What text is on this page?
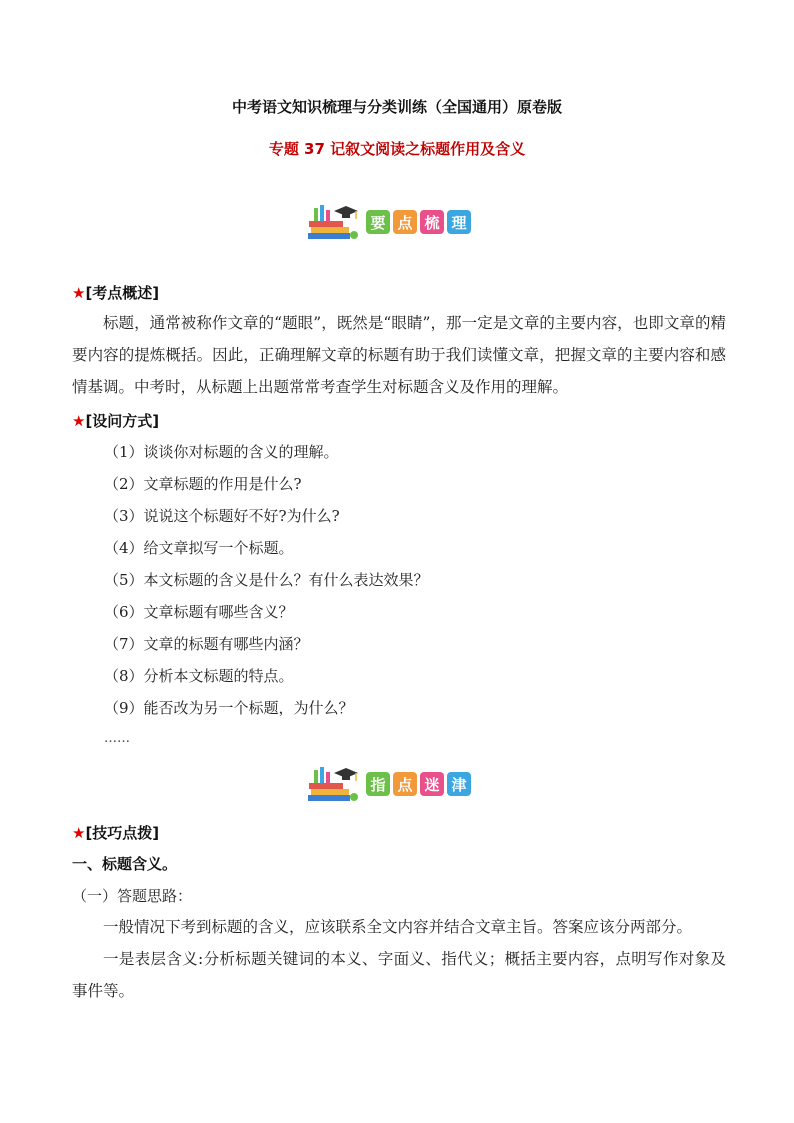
中考语文知识梳理与分类训练（全国通用）原卷版
专题 37 记叙文阅读之标题作用及含义
要 点 梳 理
★[考点概述]
标题，通常被称作文章的“题眼”，既然是“眼睛”，那一定是文章的主要内容，也即文章的精要内容的提炼概括。因此，正确理解文章的标题有助于我们读懂文章，把握文章的主要内容和感情基调。中考时，从标题上出题常常考查学生对标题含义及作用的理解。
★[设问方式]
（1）谈谈你对标题的含义的理解。
（2）文章标题的作用是什么?
（3）说说这个标题好不好?为什么?
（4）给文章拟写一个标题。
（5）本文标题的含义是什么？有什么表达效果？
（6）文章标题有哪些含义？
（7）文章的标题有哪些内涵？
（8）分析本文标题的特点。
（9）能否改为另一个标题，为什么？
……
指 点 迷 津
★[技巧点拨]
一、标题含义。
（一）答题思路：
一般情况下考到标题的含义，应该联系全文内容并结合文章主旨。答案应该分两部分。
一是表层含义:分析标题关键词的本义、字面义、指代义；概括主要内容，点明写作对象及事件等。
